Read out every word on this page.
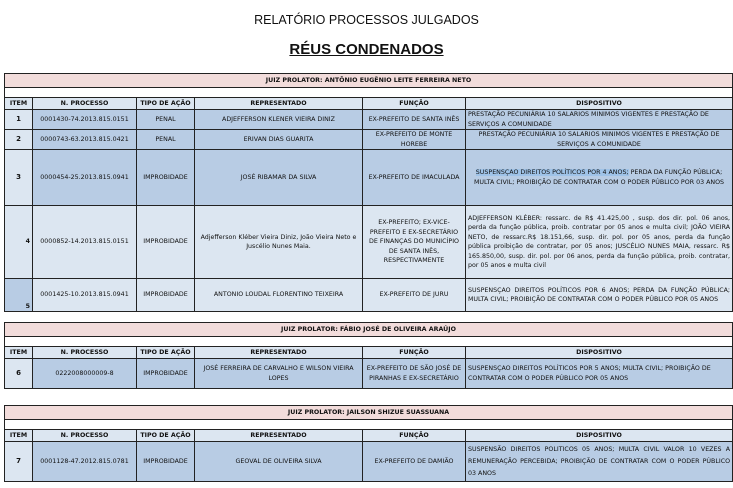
RELATÓRIO PROCESSOS JULGADOS
RÉUS CONDENADOS
JUIZ PROLATOR: ANTÔNIO EUGÊNIO LEITE FERREIRA NETO					

ITEM	N. PROCESSO	TIPO DE AÇÃO	REPRESENTADO	FUNÇÃO	DISPOSITIVO
1	0001430-74.2013.815.0151	PENAL	ADJEFFERSON KLENER VIEIRA DINIZ	EX-PREFEITO DE SANTA INÊS	PRESTAÇÃO PECUNIÁRIA 10 SALARIOS MINIMOS VIGENTES E PRESTAÇÃO DE SERVIÇOS A COMUNIDADE
2	0000743-63.2013.815.0421	PENAL	ERIVAN DIAS GUARITA	EX-PREFEITO DE MONTE HOREBE	PRESTAÇÃO PECUNIÁRIA 10 SALARIOS MINIMOS VIGENTES E PRESTAÇÃO DE SERVIÇOS A COMUNIDADE
3	0000454-25.2013.815.0941	IMPROBIDADE	JOSÉ RIBAMAR DA SILVA	EX-PREFEITO DE IMACULADA	SUSPENSÇAO DIREITOS POLÍTICOS POR 4 ANOS; PERDA DA FUNÇÃO PÚBLICA; MULTA CIVIL; PROIBIÇÃO DE CONTRATAR COM O PODER PÚBLICO POR 03 ANOS
4	0000852-14.2013.815.0151	IMPROBIDADE	Adjefferson Kléber Vieira Diniz, João Vieira Neto e Juscélio Nunes Maia.	EX-PREFEITO; EX-VICE-PREFEITO E EX-SECRETÁRIO DE FINANÇAS DO MUNICÍPIO DE SANTA INÊS, RESPECTIVAMENTE	ADJEFFERSON KLÉBER: ressarc. de R$ 41.425,00 , susp. dos dir. pol. 06 anos, perda da função pública, proib. contratar por 05 anos e multa civil; JOÃO VIEIRA NETO, de ressarc.R$ 18.151,66, susp. dir. pol. por 05 anos, perda da função pública proibição de contratar, por 05 anos; JUSCÉLIO NUNES MAIA, ressarc. R$ 165.850,00, susp. dir. pol. por 06 anos, perda da função pública, proib. contratar, por 05 anos e multa civil
5	0001425-10.2013.815.0941	IMPROBIDADE	ANTONIO LOUDAL FLORENTINO TEIXEIRA	EX-PREFEITO DE JURU	SUSPENSÇAO DIREITOS POLÍTICOS POR 6 ANOS; PERDA DA FUNÇÃO PÚBLICA; MULTA CIVIL; PROIBIÇÃO DE CONTRATAR COM O PODER PÚBLICO POR 05 ANOS
JUIZ PROLATOR: FÁBIO JOSÉ DE OLIVEIRA ARAÚJO					

ITEM	N. PROCESSO	TIPO DE AÇÃO	REPRESENTADO	FUNÇÃO	DISPOSITIVO
6	0222008000009-8	IMPROBIDADE	JOSÉ FERREIRA DE CARVALHO E WILSON VIEIRA LOPES	EX-PREFEITO DE SÃO JOSÉ DE PIRANHAS E EX-SECRETÁRIO	SUSPENSÇAO DIREITOS POLÍTICOS POR 5 ANOS; MULTA CIVIL; PROIBIÇÃO DE CONTRATAR COM O PODER PÚBLICO POR 05 ANOS
JUIZ PROLATOR: JAILSON SHIZUE SUASSUANA					

ITEM	N. PROCESSO	TIPO DE AÇÃO	REPRESENTADO	FUNÇÃO	DISPOSITIVO
7	0001128-47.2012.815.0781	IMPROBIDADE	GEOVAL DE OLIVEIRA SILVA	EX-PREFEITO DE DAMIÃO	SUSPENSÃO DIREITOS POLITICOS 05 ANOS; MULTA CIVIL VALOR 10 VEZES A REMUNERAÇÃO PERCEBIDA; PROIBIÇÃO DE CONTRATAR COM O PODER PÚBLICO 03 ANOS
